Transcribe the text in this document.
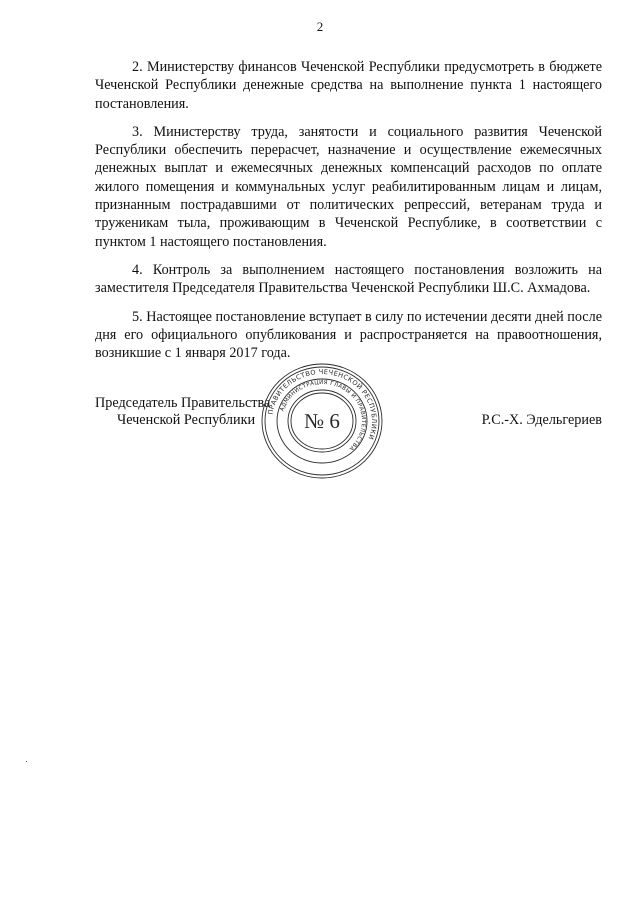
2

2. Министерству финансов Чеченской Республики предусмотреть в бюджете Чеченской Республики денежные средства на выполнение пункта 1 настоящего постановления.

3. Министерству труда, занятости и социального развития Чеченской Республики обеспечить перерасчет, назначение и осуществление ежемесячных денежных выплат и ежемесячных денежных компенсаций расходов по оплате жилого помещения и коммунальных услуг реабилитированным лицам и лицам, признанным пострадавшими от политических репрессий, ветеранам труда и труженикам тыла, проживающим в Чеченской Республике, в соответствии с пунктом 1 настоящего постановления.

4. Контроль за выполнением настоящего постановления возложить на заместителя Председателя Правительства Чеченской Республики Ш.С. Ахмадова.

5. Настоящее постановление вступает в силу по истечении десяти дней после дня его официального опубликования и распространяется на правоотношения, возникшие с 1 января 2017 года.

Председатель Правительства
Чеченской Республики	Р.С.-Х. Эдельгериев
ПРАВИТЕЛЬСТВО ЧЕЧЕНСКОЙ РЕСПУБЛИКИ
АДМИНИСТРАЦИЯ ГЛАВЫ И ПРАВИТЕЛЬСТВА
№ 6
